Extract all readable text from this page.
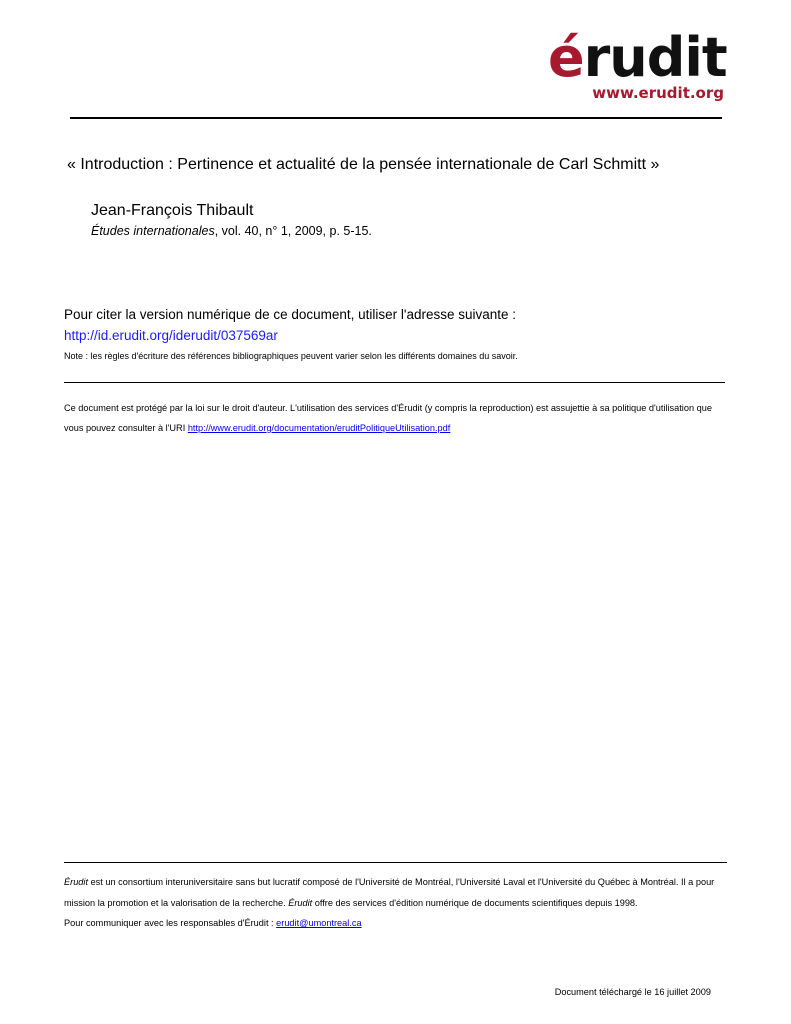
érudit
www.erudit.org
« Introduction : Pertinence et actualité de la pensée internationale de Carl Schmitt »
Jean-François Thibault
Études internationales, vol. 40, n° 1, 2009, p. 5-15.
Pour citer la version numérique de ce document, utiliser l'adresse suivante :
http://id.erudit.org/iderudit/037569ar
Note : les règles d'écriture des références bibliographiques peuvent varier selon les différents domaines du savoir.
Ce document est protégé par la loi sur le droit d'auteur. L'utilisation des services d'Érudit (y compris la reproduction) est assujettie à sa politique d'utilisation que vous pouvez consulter à l'URI http://www.erudit.org/documentation/eruditPolitiqueUtilisation.pdf
Érudit est un consortium interuniversitaire sans but lucratif composé de l'Université de Montréal, l'Université Laval et l'Université du Québec à Montréal. Il a pour mission la promotion et la valorisation de la recherche. Érudit offre des services d'édition numérique de documents scientifiques depuis 1998.
Pour communiquer avec les responsables d'Érudit : erudit@umontreal.ca
Document téléchargé le 16 juillet 2009
